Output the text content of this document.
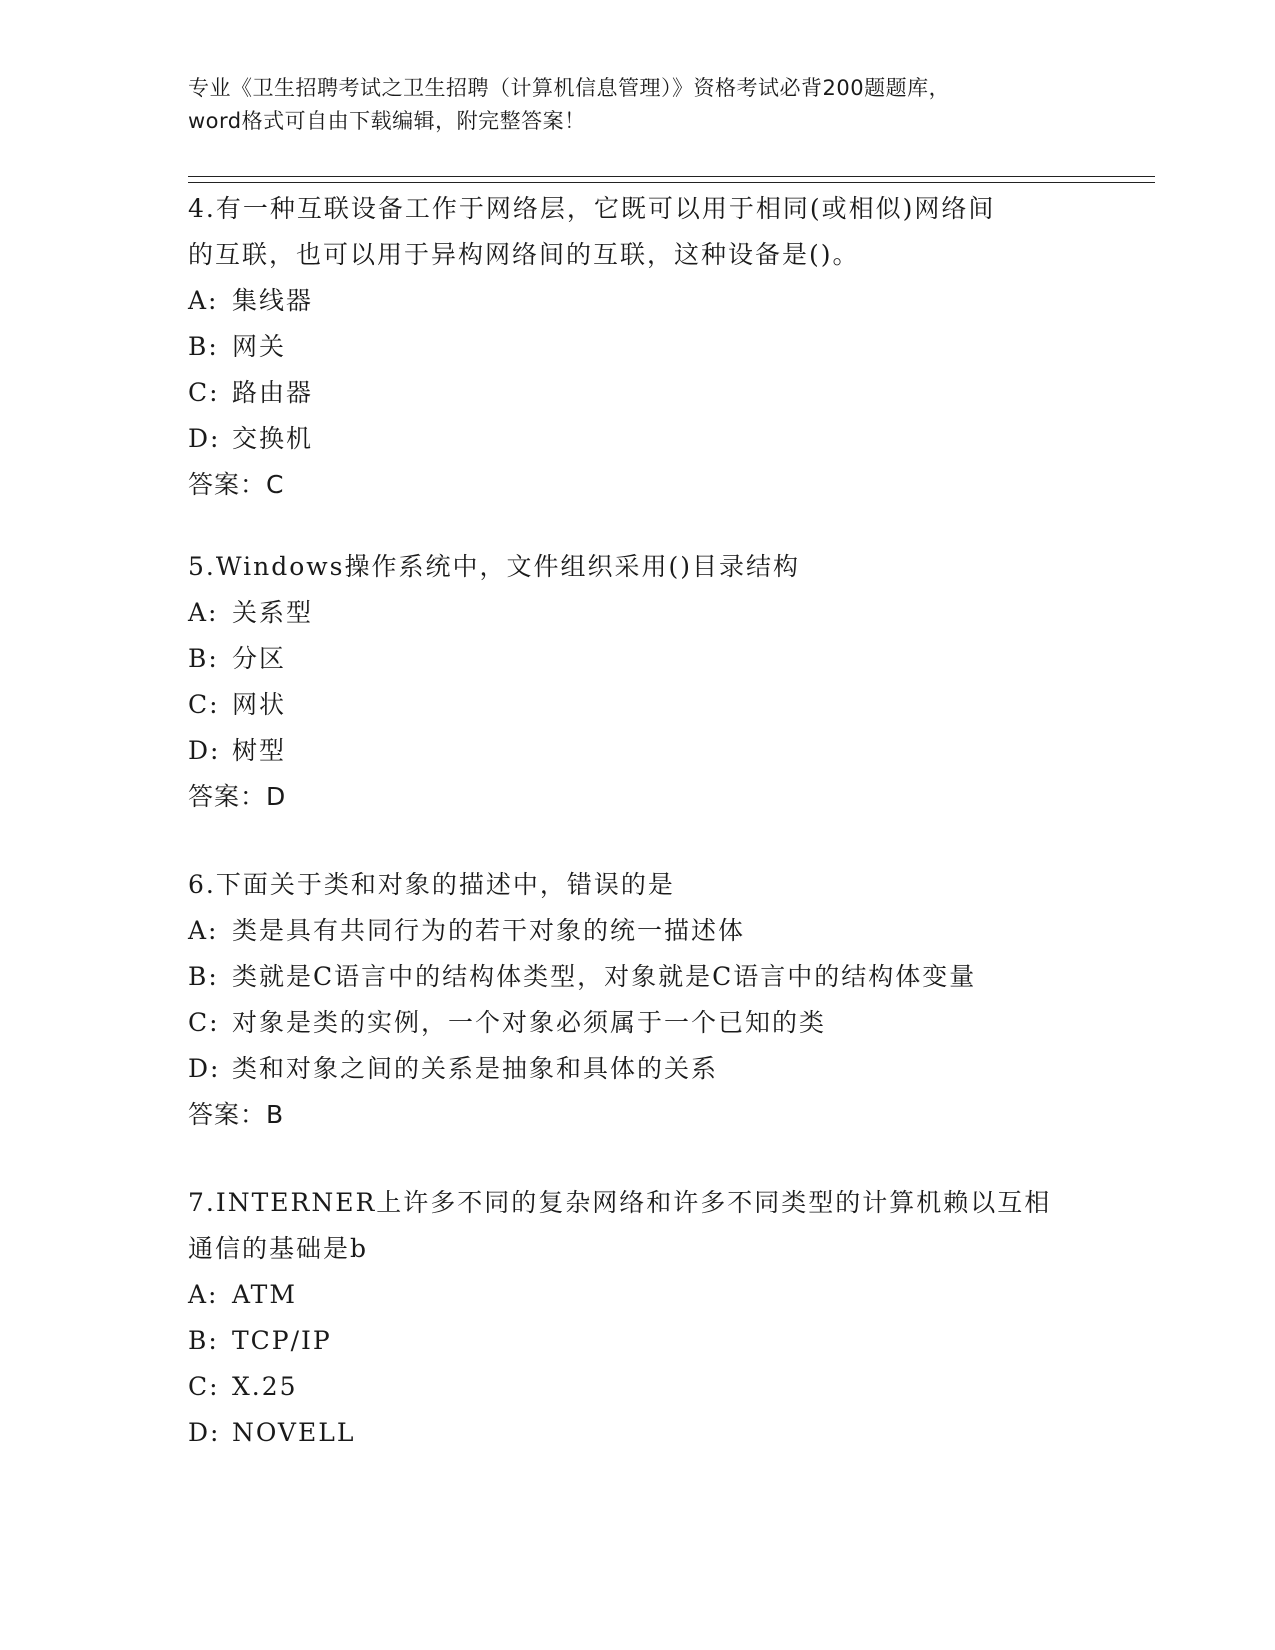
专业《卫生招聘考试之卫生招聘（计算机信息管理）》资格考试必背200题题库，
word格式可自由下载编辑，附完整答案！
4.有一种互联设备工作于网络层，它既可以用于相同(或相似)网络间
的互联，也可以用于异构网络间的互联，这种设备是()。
A: 集线器
B: 网关
C: 路由器
D: 交换机
答案：C
5.Windows操作系统中，文件组织采用()目录结构
A: 关系型
B: 分区
C: 网状
D: 树型
答案：D
6.下面关于类和对象的描述中，错误的是
A: 类是具有共同行为的若干对象的统一描述体
B: 类就是C语言中的结构体类型，对象就是C语言中的结构体变量
C: 对象是类的实例，一个对象必须属于一个已知的类
D: 类和对象之间的关系是抽象和具体的关系
答案：B
7.INTERNER上许多不同的复杂网络和许多不同类型的计算机赖以互相
通信的基础是b
A: ATM
B: TCP/IP
C: X.25
D: NOVELL
